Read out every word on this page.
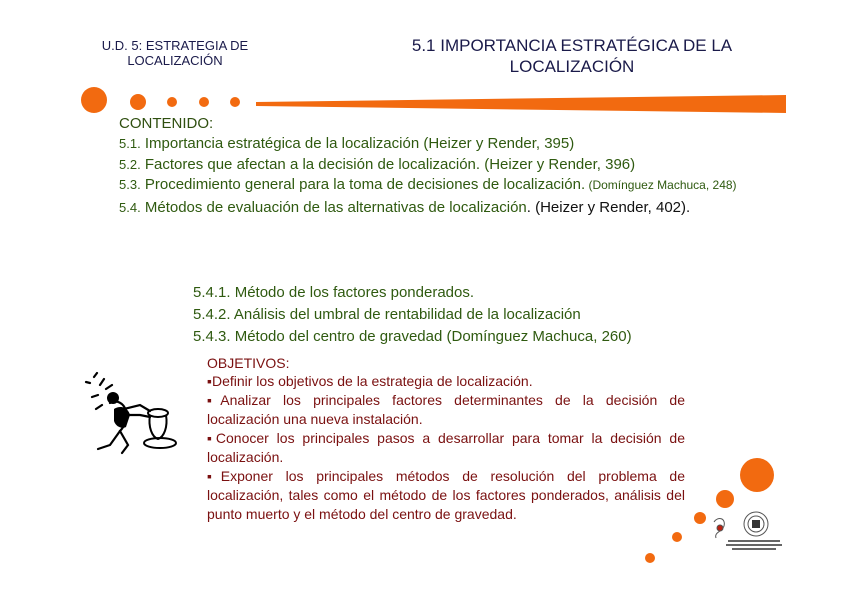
U.D. 5: ESTRATEGIA DE LOCALIZACIÓN
5.1 IMPORTANCIA ESTRATÉGICA DE LA LOCALIZACIÓN
CONTENIDO:
5.1. Importancia estratégica de la localización (Heizer y Render, 395)
5.2. Factores que afectan a la decisión de localización. (Heizer y Render, 396)
5.3. Procedimiento general para la toma de decisiones de localización. (Domínguez Machuca, 248)
5.4. Métodos de evaluación de las alternativas de localización. (Heizer y Render, 402).
5.4.1. Método de los factores ponderados.
5.4.2. Análisis del umbral de rentabilidad de la localización
5.4.3. Método del centro de gravedad (Domínguez Machuca, 260)
OBJETIVOS:
▪Definir los objetivos de la estrategia de localización.
▪Analizar los principales factores determinantes de la decisión de localización una nueva instalación.
▪Conocer los principales pasos a desarrollar para tomar la decisión de localización.
▪Exponer los principales métodos de resolución del problema de localización, tales como el método de los factores ponderados, análisis del punto muerto y el método del centro de gravedad.
